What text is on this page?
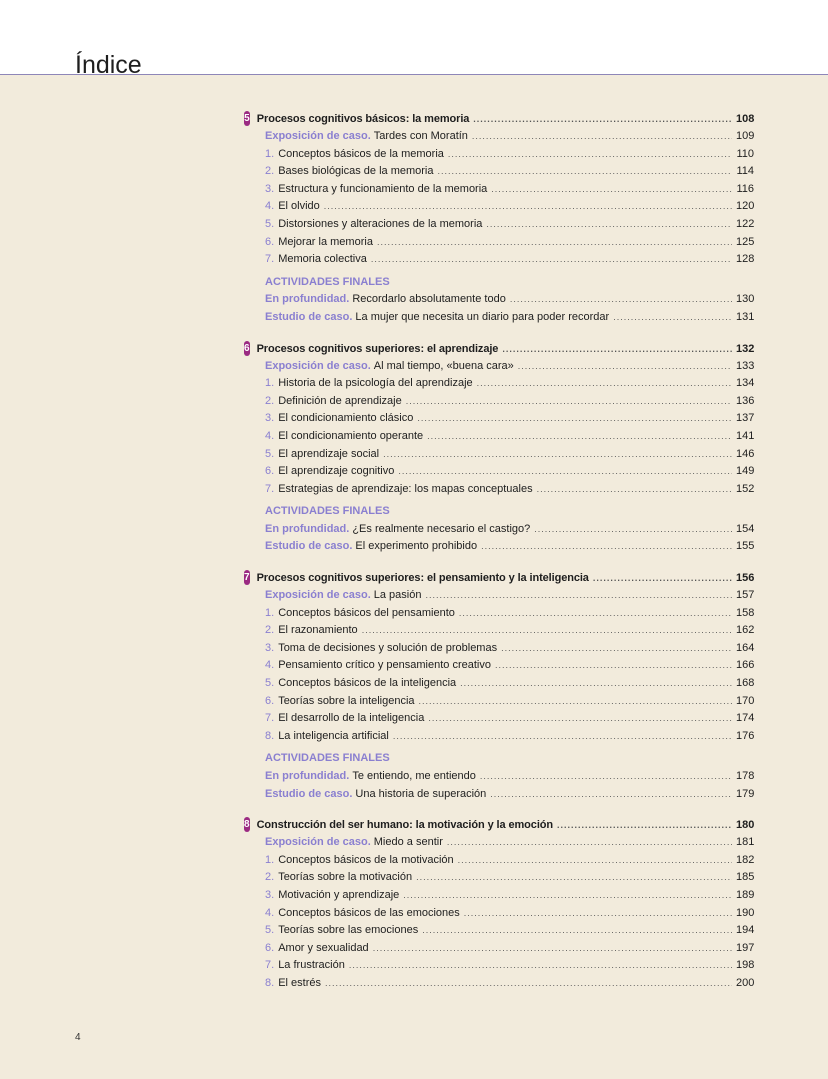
Índice
5 Procesos cognitivos básicos: la memoria .....	108
Exposición de caso. Tardes con Moratín .....	109
1. Conceptos básicos de la memoria .....	110
2. Bases biológicas de la memoria .....	114
3. Estructura y funcionamiento de la memoria .....	116
4. El olvido .....	120
5. Distorsiones y alteraciones de la memoria .....	122
6. Mejorar la memoria .....	125
7. Memoria colectiva .....	128
ACTIVIDADES FINALES
En profundidad. Recordarlo absolutamente todo .....	130
Estudio de caso. La mujer que necesita un diario para poder recordar .....	131
6 Procesos cognitivos superiores: el aprendizaje .....	132
Exposición de caso. Al mal tiempo, «buena cara» .....	133
1. Historia de la psicología del aprendizaje .....	134
2. Definición de aprendizaje .....	136
3. El condicionamiento clásico .....	137
4. El condicionamiento operante .....	141
5. El aprendizaje social .....	146
6. El aprendizaje cognitivo .....	149
7. Estrategias de aprendizaje: los mapas conceptuales .....	152
ACTIVIDADES FINALES
En profundidad. ¿Es realmente necesario el castigo? .....	154
Estudio de caso. El experimento prohibido .....	155
7 Procesos cognitivos superiores: el pensamiento y la inteligencia .....	156
Exposición de caso. La pasión .....	157
1. Conceptos básicos del pensamiento .....	158
2. El razonamiento .....	162
3. Toma de decisiones y solución de problemas .....	164
4. Pensamiento crítico y pensamiento creativo .....	166
5. Conceptos básicos de la inteligencia .....	168
6. Teorías sobre la inteligencia .....	170
7. El desarrollo de la inteligencia .....	174
8. La inteligencia artificial .....	176
ACTIVIDADES FINALES
En profundidad. Te entiendo, me entiendo .....	178
Estudio de caso. Una historia de superación .....	179
8 Construcción del ser humano: la motivación y la emoción .....	180
Exposición de caso. Miedo a sentir .....	181
1. Conceptos básicos de la motivación .....	182
2. Teorías sobre la motivación .....	185
3. Motivación y aprendizaje .....	189
4. Conceptos básicos de las emociones .....	190
5. Teorías sobre las emociones .....	194
6. Amor y sexualidad .....	197
7. La frustración .....	198
8. El estrés .....	200
4
